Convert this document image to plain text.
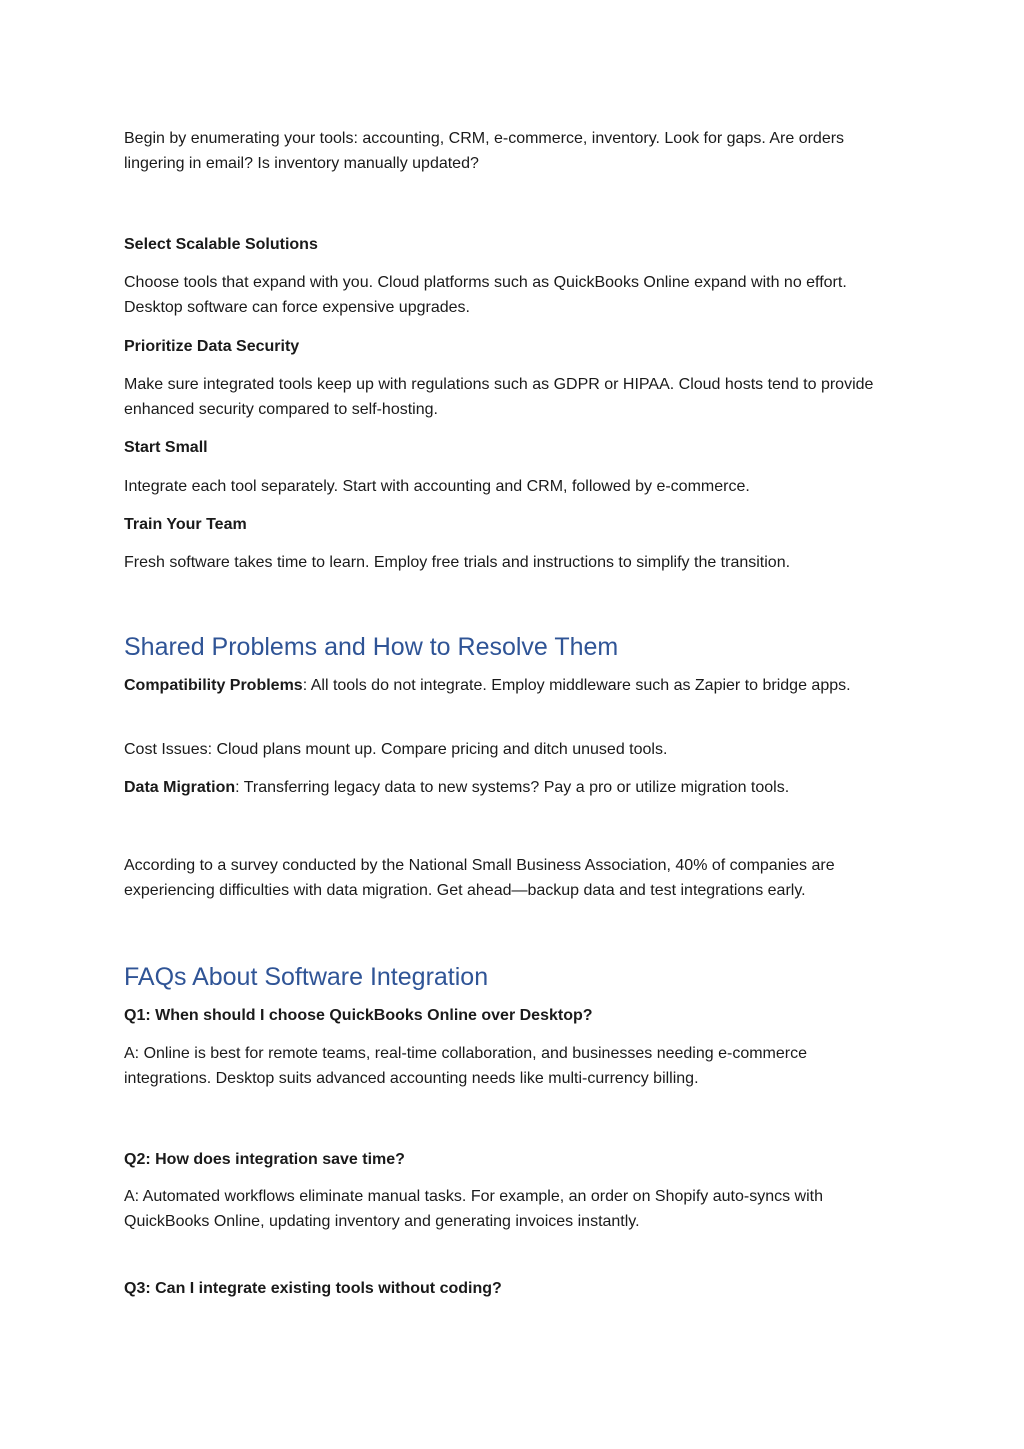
Begin by enumerating your tools: accounting, CRM, e-commerce, inventory. Look for gaps. Are orders lingering in email? Is inventory manually updated?

Select Scalable Solutions

Choose tools that expand with you. Cloud platforms such as QuickBooks Online expand with no effort. Desktop software can force expensive upgrades.

Prioritize Data Security

Make sure integrated tools keep up with regulations such as GDPR or HIPAA. Cloud hosts tend to provide enhanced security compared to self-hosting.

Start Small

Integrate each tool separately. Start with accounting and CRM, followed by e-commerce.

Train Your Team

Fresh software takes time to learn. Employ free trials and instructions to simplify the transition.

Shared Problems and How to Resolve Them

Compatibility Problems: All tools do not integrate. Employ middleware such as Zapier to bridge apps.

Cost Issues: Cloud plans mount up. Compare pricing and ditch unused tools.

Data Migration: Transferring legacy data to new systems? Pay a pro or utilize migration tools.

According to a survey conducted by the National Small Business Association, 40% of companies are experiencing difficulties with data migration. Get ahead—backup data and test integrations early.

FAQs About Software Integration
Q1: When should I choose QuickBooks Online over Desktop?

A: Online is best for remote teams, real-time collaboration, and businesses needing e-commerce integrations. Desktop suits advanced accounting needs like multi-currency billing.

Q2: How does integration save time?

A: Automated workflows eliminate manual tasks. For example, an order on Shopify auto-syncs with QuickBooks Online, updating inventory and generating invoices instantly.

Q3: Can I integrate existing tools without coding?
